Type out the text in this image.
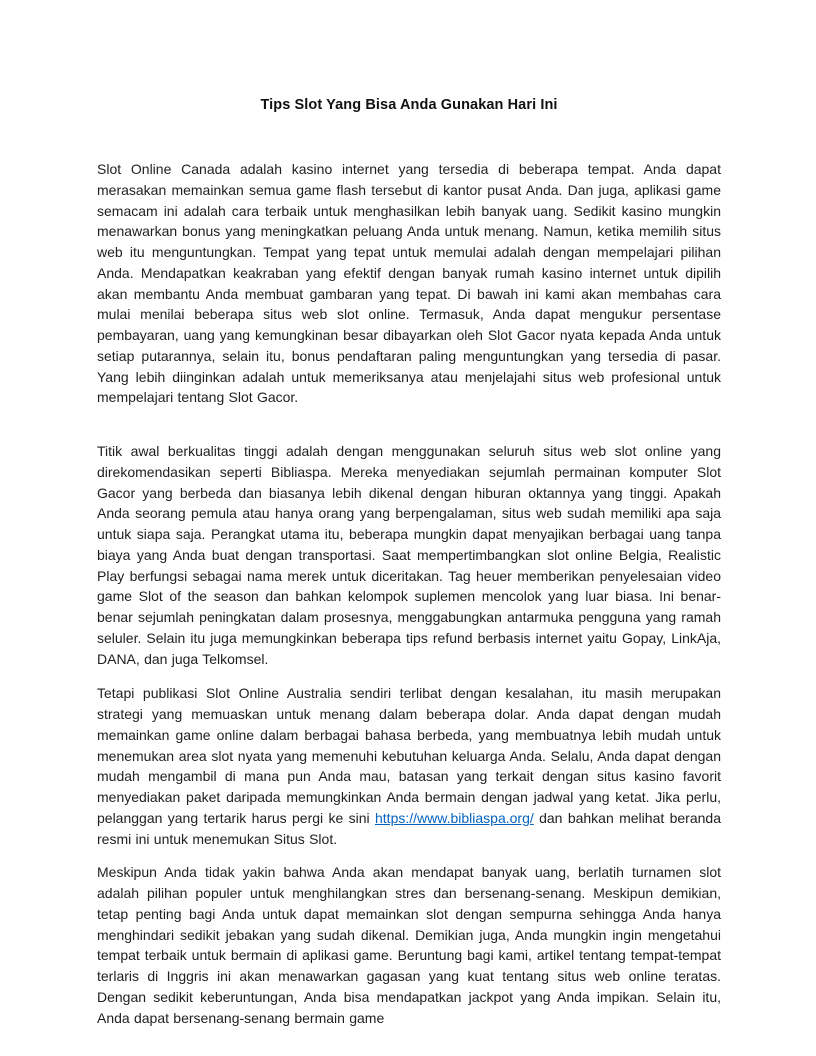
Tips Slot Yang Bisa Anda Gunakan Hari Ini

Slot Online Canada adalah kasino internet yang tersedia di beberapa tempat. Anda dapat merasakan memainkan semua game flash tersebut di kantor pusat Anda. Dan juga, aplikasi game semacam ini adalah cara terbaik untuk menghasilkan lebih banyak uang. Sedikit kasino mungkin menawarkan bonus yang meningkatkan peluang Anda untuk menang. Namun, ketika memilih situs web itu menguntungkan. Tempat yang tepat untuk memulai adalah dengan mempelajari pilihan Anda. Mendapatkan keakraban yang efektif dengan banyak rumah kasino internet untuk dipilih akan membantu Anda membuat gambaran yang tepat. Di bawah ini kami akan membahas cara mulai menilai beberapa situs web slot online. Termasuk, Anda dapat mengukur persentase pembayaran, uang yang kemungkinan besar dibayarkan oleh Slot Gacor nyata kepada Anda untuk setiap putarannya, selain itu, bonus pendaftaran paling menguntungkan yang tersedia di pasar. Yang lebih diinginkan adalah untuk memeriksanya atau menjelajahi situs web profesional untuk mempelajari tentang Slot Gacor.

Titik awal berkualitas tinggi adalah dengan menggunakan seluruh situs web slot online yang direkomendasikan seperti Bibliaspa. Mereka menyediakan sejumlah permainan komputer Slot Gacor yang berbeda dan biasanya lebih dikenal dengan hiburan oktannya yang tinggi. Apakah Anda seorang pemula atau hanya orang yang berpengalaman, situs web sudah memiliki apa saja untuk siapa saja. Perangkat utama itu, beberapa mungkin dapat menyajikan berbagai uang tanpa biaya yang Anda buat dengan transportasi. Saat mempertimbangkan slot online Belgia, Realistic Play berfungsi sebagai nama merek untuk diceritakan. Tag heuer memberikan penyelesaian video game Slot of the season dan bahkan kelompok suplemen mencolok yang luar biasa. Ini benar-benar sejumlah peningkatan dalam prosesnya, menggabungkan antarmuka pengguna yang ramah seluler. Selain itu juga memungkinkan beberapa tips refund berbasis internet yaitu Gopay, LinkAja, DANA, dan juga Telkomsel.

Tetapi publikasi Slot Online Australia sendiri terlibat dengan kesalahan, itu masih merupakan strategi yang memuaskan untuk menang dalam beberapa dolar. Anda dapat dengan mudah memainkan game online dalam berbagai bahasa berbeda, yang membuatnya lebih mudah untuk menemukan area slot nyata yang memenuhi kebutuhan keluarga Anda. Selalu, Anda dapat dengan mudah mengambil di mana pun Anda mau, batasan yang terkait dengan situs kasino favorit menyediakan paket daripada memungkinkan Anda bermain dengan jadwal yang ketat. Jika perlu, pelanggan yang tertarik harus pergi ke sini https://www.bibliaspa.org/ dan bahkan melihat beranda resmi ini untuk menemukan Situs Slot.

Meskipun Anda tidak yakin bahwa Anda akan mendapat banyak uang, berlatih turnamen slot adalah pilihan populer untuk menghilangkan stres dan bersenang-senang. Meskipun demikian, tetap penting bagi Anda untuk dapat memainkan slot dengan sempurna sehingga Anda hanya menghindari sedikit jebakan yang sudah dikenal. Demikian juga, Anda mungkin ingin mengetahui tempat terbaik untuk bermain di aplikasi game. Beruntung bagi kami, artikel tentang tempat-tempat terlaris di Inggris ini akan menawarkan gagasan yang kuat tentang situs web online teratas. Dengan sedikit keberuntungan, Anda bisa mendapatkan jackpot yang Anda impikan. Selain itu, Anda dapat bersenang-senang bermain game
